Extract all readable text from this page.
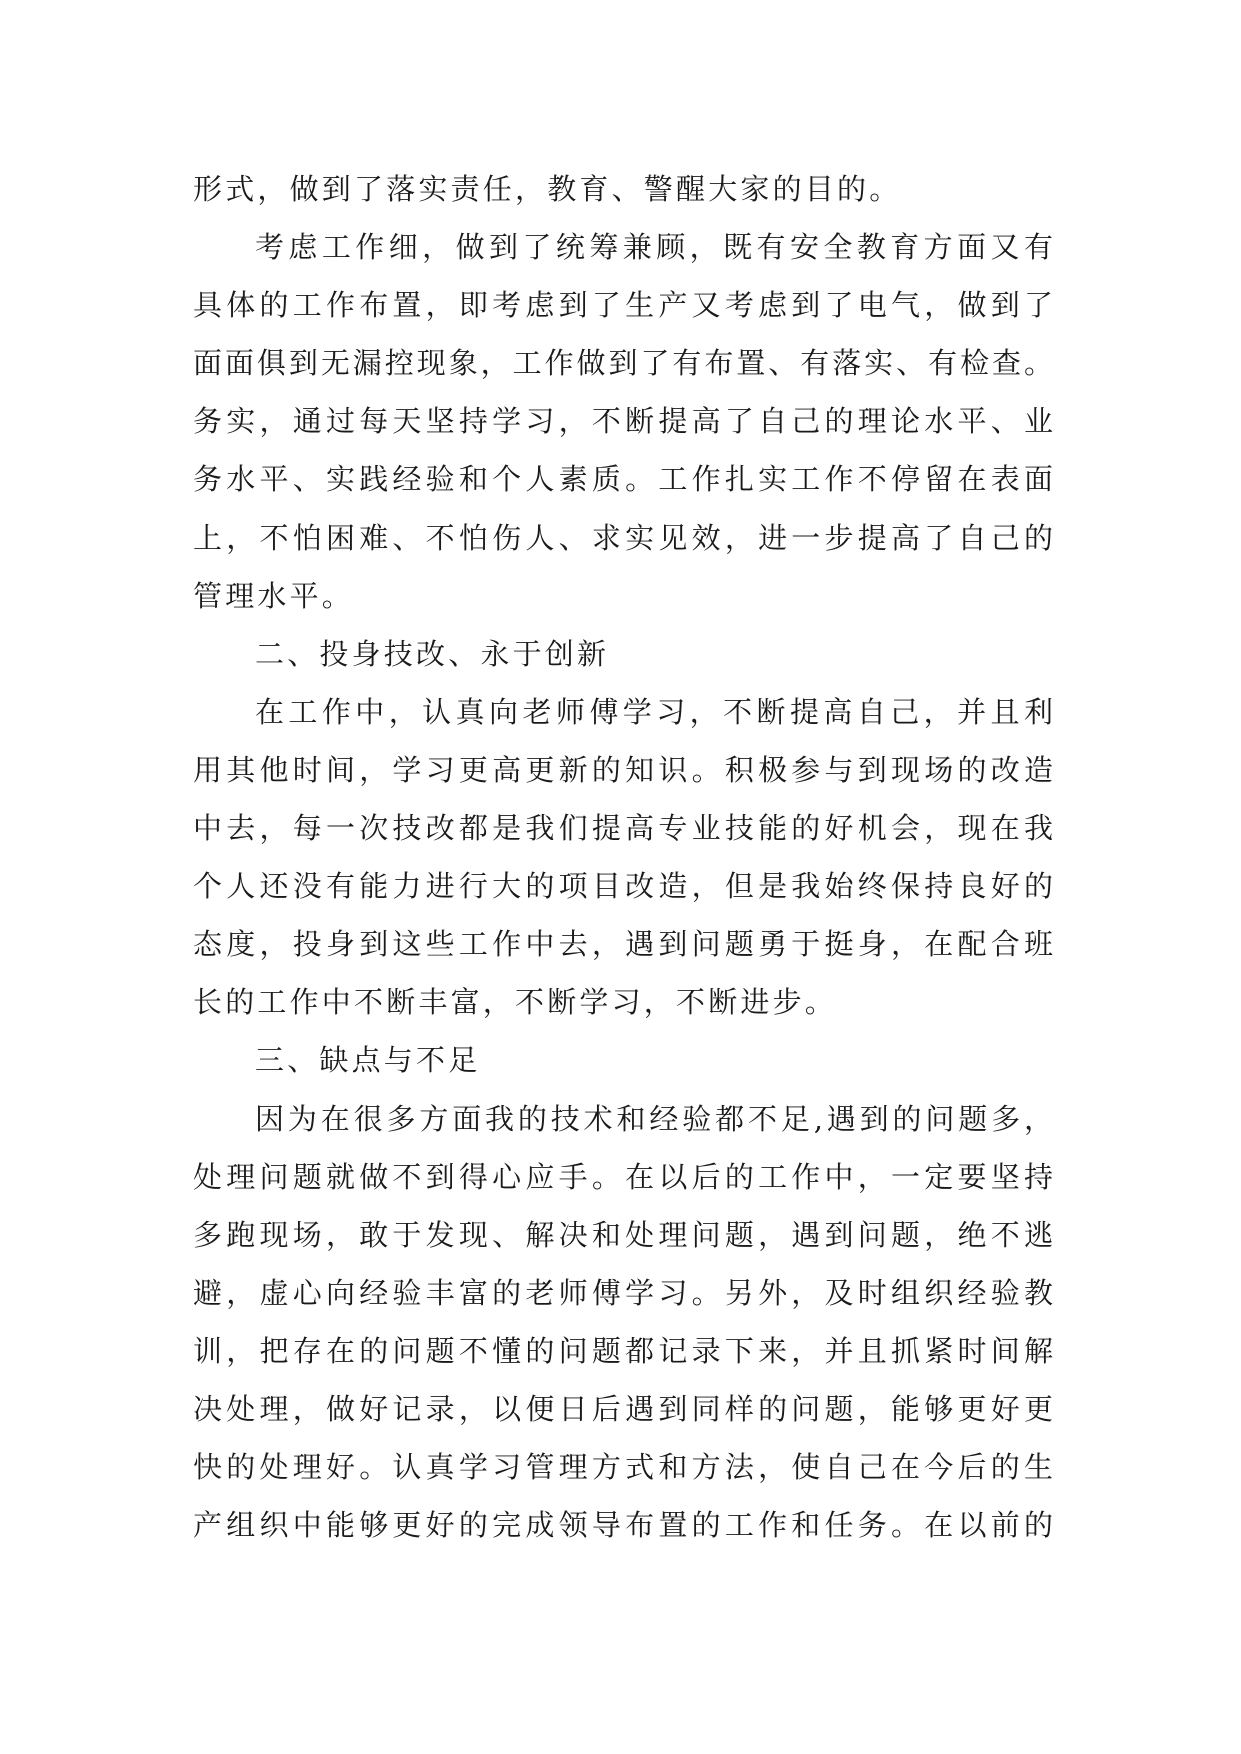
形式，做到了落实责任，教育、警醒大家的目的。
考虑工作细，做到了统筹兼顾，既有安全教育方面又有
具体的工作布置，即考虑到了生产又考虑到了电气，做到了
面面俱到无漏控现象，工作做到了有布置、有落实、有检查。
务实，通过每天坚持学习，不断提高了自己的理论水平、业
务水平、实践经验和个人素质。工作扎实工作不停留在表面
上，不怕困难、不怕伤人、求实见效，进一步提高了自己的
管理水平。
二、投身技改、永于创新
在工作中，认真向老师傅学习，不断提高自己，并且利
用其他时间，学习更高更新的知识。积极参与到现场的改造
中去，每一次技改都是我们提高专业技能的好机会，现在我
个人还没有能力进行大的项目改造，但是我始终保持良好的
态度，投身到这些工作中去，遇到问题勇于挺身，在配合班
长的工作中不断丰富，不断学习，不断进步。
三、缺点与不足
因为在很多方面我的技术和经验都不足,遇到的问题多，
处理问题就做不到得心应手。在以后的工作中，一定要坚持
多跑现场，敢于发现、解决和处理问题，遇到问题，绝不逃
避，虚心向经验丰富的老师傅学习。另外，及时组织经验教
训，把存在的问题不懂的问题都记录下来，并且抓紧时间解
决处理，做好记录，以便日后遇到同样的问题，能够更好更
快的处理好。认真学习管理方式和方法，使自己在今后的生
产组织中能够更好的完成领导布置的工作和任务。在以前的
